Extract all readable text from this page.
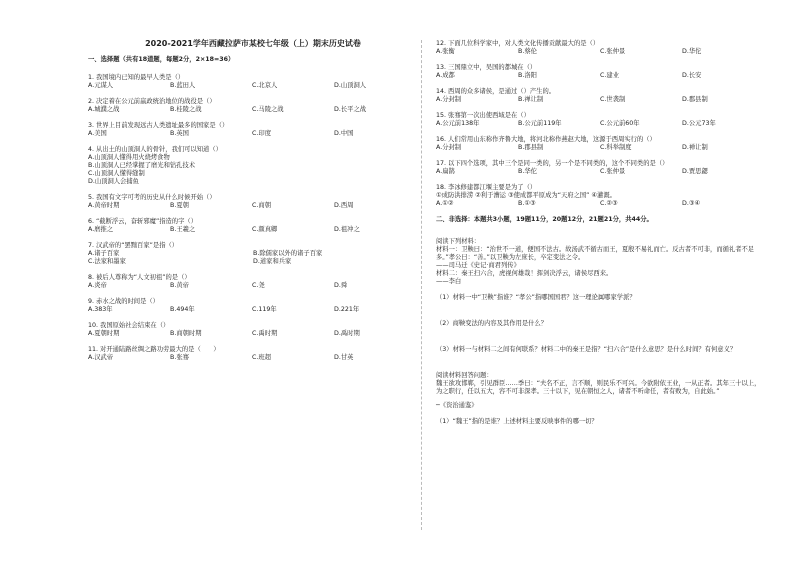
2020-2021学年西藏拉萨市某校七年级（上）期末历史试卷
一、选择题（共有18道题，每题2分，2×18=36）
1. 我国境内已知的最早人类是（）
A.元谋人	B.蓝田人	C.北京人	D.山顶洞人
2. 决定着在公元前嬴政统治地位的战役是（）
A.城濮之战	B.桂陵之战	C.马陵之战	D.长平之战
3. 世界上目前发现远古人类遗址最多的国家是（）
A.美国	B.英国	C.印度	D.中国
4. 从出土的山顶洞人的骨针，我们可以知道（）
A.山顶洞人懂得用火烧烤食物
B.山顶洞人已经掌握了磨光和钻孔技术
C.山顶洞人懂得缝制
D.山顶洞人会捕鱼
5. 我国有文字可考的历史从什么时候开始（）
A.黄帝时期	B.夏朝	C.商朝	D.西周
6. “截断浮云，奋斩邪魔”指造的字（）
A.磨推之	B.王羲之	C.颜真卿	D.祖冲之
7. 汉武帝的“罢黜百家”是指（）
A.诸子百家	B.除儒家以外的诸子百家
C.法家和墨家	D.道家和兵家
8. 被后人尊称为“人文初祖”的是（）
A.炎帝	B.黄帝	C.尧	D.舜
9. 赤水之战的时间是（）
A.383年	B.494年	C.119年	D.221年
10. 我国原始社会结束在（）
A.夏朝时期	B.商朝时期	C.禹时期	D.禹时期
11. 对开通陆路丝绸之路功劳最大的是（　　）
A.汉武帝	B.张骞	C.班超	D.甘英
12. 下面几位科学家中，对人类文化传播贡献最大的是（）
A.张衡	B.蔡伦	C.张仲景	D.华佗
13. 三国鼎立中，吴国的都城在（）
A.成都	B.洛阳	C.建业	D.长安
14. 西周的众多诸侯，是通过（）产生的。
A.分封制	B.禅让制	C.世袭制	D.郡县制
15. 张骞第一次出使西域是在（）
A.公元前138年	B.公元前119年	C.公元前60年	D.公元73年
16. 人们常用山东称作齐鲁大地，将河北称作燕赵大地，这源于西周实行的（）
A.分封制	B.郡县制	C.科举制度	D.禅让制
17. 以下四个选项，其中三个是同一类的，另一个是不同类的，这个不同类的是（）
A.扁鹊	B.华佗	C.张仲景	D.贾思勰
18. 李冰修建都江堰主要是为了（）
①成防洪排涝 ②利于漕运 ③使成都平原成为“天府之国” ④灌溉。
A.①②	B.①③	C.②③	D.③④
二、非选择：本题共3小题，19题11分，20题12分，21题21分，共44分。
阅读下列材料：
材料一：卫鞅曰：“治世不一道，便国不法古。故汤武不循古而王，夏殷不易礼而亡。反古者不可非，而循礼者不足多。”孝公曰：“善。”以卫鞅为左庶长，卒定变法之令。
——司马迁《史记·商君列传》
材料二：秦王扫六合，虎视何雄哉！挥剑决浮云，诸侯尽西来。
——李白
（1）材料一中“卫鞅”指谁？“孝公”指哪国国君？这一理论属哪家学派？
（2）商鞅变法的内容及其作用是什么？
（3）材料一与材料二之间有何联系？材料二中的秦王是指？“扫六合”是什么意思？是什么时间？有何意义？
阅读材料回答问题：
魏王欲攻邯郸，引见群臣……季曰：“夫名不正，言不顺，则民乐不可兴。今欲附依王业，一从正者。其年三十以上，为之职行，任以五大，容不可非深孝。三十以下，见在朝恒之人，诸者不听命任，者有败为，自此始。”
─《资治通鉴》
（1）“魏王”指的是谁？上述材料主要反映事件的哪一切？
